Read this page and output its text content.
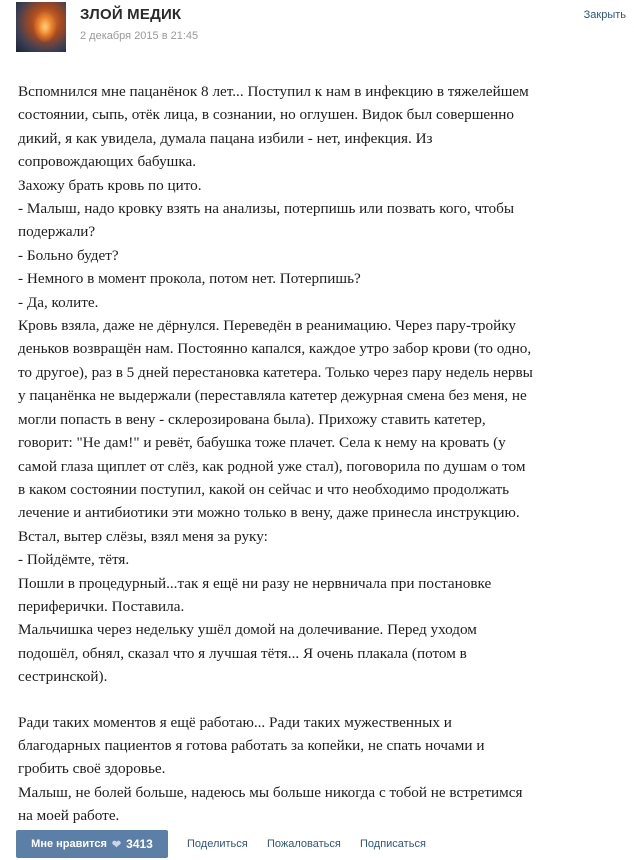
ЗЛОЙ МЕДИК
2 декабря 2015 в 21:45
Закрыть

Вспомнился мне пацанёнок 8 лет... Поступил к нам в инфекцию в тяжелейшем

состоянии, сыпь, отёк лица, в сознании, но оглушен. Видок был совершенно

дикий, я как увидела, думала пацана избили - нет, инфекция. Из

сопровождающих бабушка.

Захожу брать кровь по цито.

- Малыш, надо кровку взять на анализы, потерпишь или позвать кого, чтобы

подержали?

- Больно будет?

- Немного в момент прокола, потом нет. Потерпишь?

- Да, колите.

Кровь взяла, даже не дёрнулся. Переведён в реанимацию. Через пару-тройку

деньков возвращён нам. Постоянно капался, каждое утро забор крови (то одно,

то другое), раз в 5 дней перестановка катетера. Только через пару недель нервы

у пацанёнка не выдержали (переставляла катетер дежурная смена без меня, не

могли попасть в вену - склерозирована была). Прихожу ставить катетер,

говорит: "Не дам!" и ревёт, бабушка тоже плачет. Села к нему на кровать (у

самой глаза щиплет от слёз, как родной уже стал), поговорила по душам о том

в каком состоянии поступил, какой он сейчас и что необходимо продолжать

лечение и антибиотики эти можно только в вену, даже принесла инструкцию.

Встал, вытер слёзы, взял меня за руку:

- Пойдёмте, тётя.

Пошли в процедурный...так я ещё ни разу не нервничала при постановке

периферички. Поставила.

Мальчишка через недельку ушёл домой на долечивание. Перед уходом

подошёл, обнял, сказал что я лучшая тётя... Я очень плакала (потом в

сестринской).

Ради таких моментов я ещё работаю... Ради таких мужественных и

благодарных пациентов я готова работать за копейки, не спать ночами и

гробить своё здоровье.

Малыш, не болей больше, надеюсь мы больше никогда с тобой не встретимся

на моей работе.

Мне нравится ❤ 3413	Поделиться Пожаловаться Подписаться
